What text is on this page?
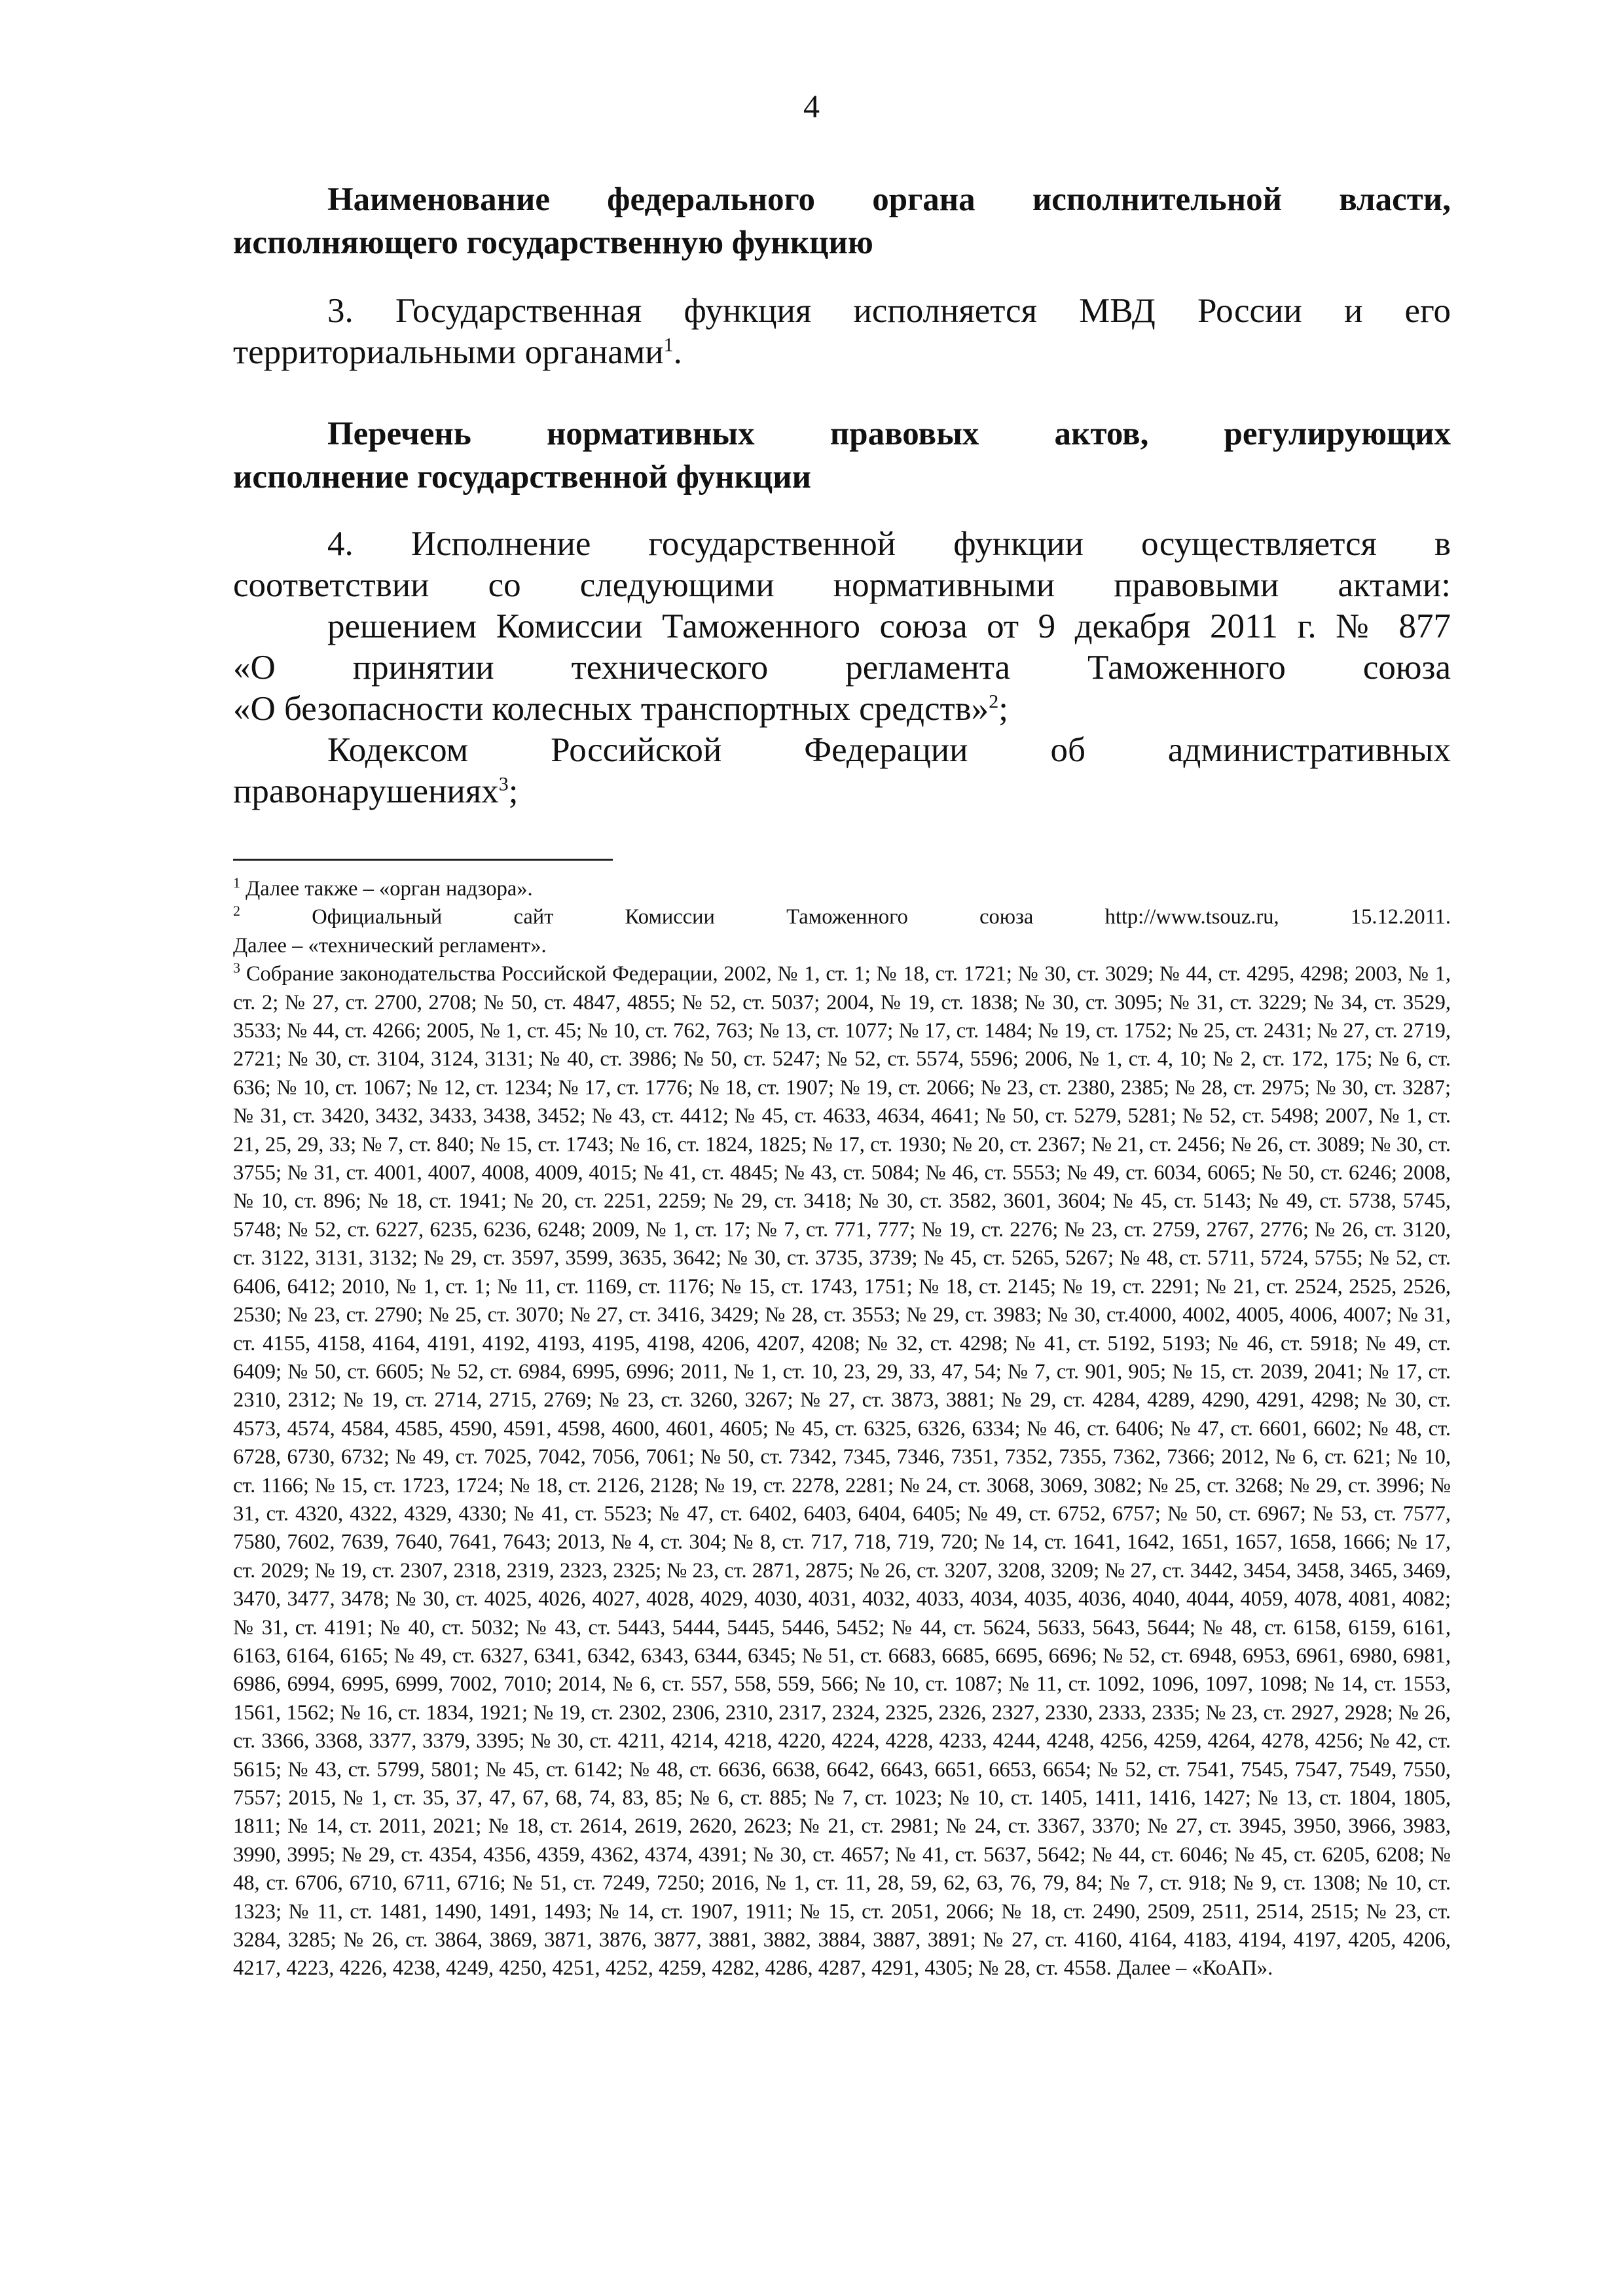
4

Наименование федерального органа исполнительной власти,
исполняющего государственную функцию

3. Государственная функция исполняется МВД России и его
территориальными органами$^1$.

Перечень нормативных правовых актов, регулирующих
исполнение государственной функции

4. Исполнение государственной функции осуществляется в
соответствии со следующими нормативными правовыми актами:
решением Комиссии Таможенного союза от 9 декабря 2011 г. № 877
«О принятии технического регламента Таможенного союза
«О безопасности колесных транспортных средств»$^2$;
Кодексом Российской Федерации об административных
правонарушениях$^3$;

$^1$ Далее также – «орган надзора».

$^2$ Официальный сайт Комиссии Таможенного союза http://www.tsouz.ru, 15.12.2011.
Далее – «технический регламент».

$^3$ Собрание законодательства Российской Федерации, 2002, № 1, ст. 1; № 18, ст. 1721; № 30, ст. 3029; № 44, ст. 4295, 4298; 2003, № 1, ст. 2; № 27, ст. 2700, 2708; № 50, ст. 4847, 4855; № 52, ст. 5037; 2004, № 19, ст. 1838; № 30, ст. 3095; № 31, ст. 3229; № 34, ст. 3529, 3533; № 44, ст. 4266; 2005, № 1, ст. 45; № 10, ст. 762, 763; № 13, ст. 1077; № 17, ст. 1484; № 19, ст. 1752; № 25, ст. 2431; № 27, ст. 2719, 2721; № 30, ст. 3104, 3124, 3131; № 40, ст. 3986; № 50, ст. 5247; № 52, ст. 5574, 5596; 2006, № 1, ст. 4, 10; № 2, ст. 172, 175; № 6, ст. 636; № 10, ст. 1067; № 12, ст. 1234; № 17, ст. 1776; № 18, ст. 1907; № 19, ст. 2066; № 23, ст. 2380, 2385; № 28, ст. 2975; № 30, ст. 3287; № 31, ст. 3420, 3432, 3433, 3438, 3452; № 43, ст. 4412; № 45, ст. 4633, 4634, 4641; № 50, ст. 5279, 5281; № 52, ст. 5498; 2007, № 1, ст. 21, 25, 29, 33; № 7, ст. 840; № 15, ст. 1743; № 16, ст. 1824, 1825; № 17, ст. 1930; № 20, ст. 2367; № 21, ст. 2456; № 26, ст. 3089; № 30, ст. 3755; № 31, ст. 4001, 4007, 4008, 4009, 4015; № 41, ст. 4845; № 43, ст. 5084; № 46, ст. 5553; № 49, ст. 6034, 6065; № 50, ст. 6246; 2008, № 10, ст. 896; № 18, ст. 1941; № 20, ст. 2251, 2259; № 29, ст. 3418; № 30, ст. 3582, 3601, 3604; № 45, ст. 5143; № 49, ст. 5738, 5745, 5748; № 52, ст. 6227, 6235, 6236, 6248; 2009, № 1, ст. 17; № 7, ст. 771, 777; № 19, ст. 2276; № 23, ст. 2759, 2767, 2776; № 26, ст. 3120, ст. 3122, 3131, 3132; № 29, ст. 3597, 3599, 3635, 3642; № 30, ст. 3735, 3739; № 45, ст. 5265, 5267; № 48, ст. 5711, 5724, 5755; № 52, ст. 6406, 6412; 2010, № 1, ст. 1; № 11, ст. 1169, ст. 1176; № 15, ст. 1743, 1751; № 18, ст. 2145; № 19, ст. 2291; № 21, ст. 2524, 2525, 2526, 2530; № 23, ст. 2790; № 25, ст. 3070; № 27, ст. 3416, 3429; № 28, ст. 3553; № 29, ст. 3983; № 30, ст.4000, 4002, 4005, 4006, 4007; № 31, ст. 4155, 4158, 4164, 4191, 4192, 4193, 4195, 4198, 4206, 4207, 4208; № 32, ст. 4298; № 41, ст. 5192, 5193; № 46, ст. 5918; № 49, ст. 6409; № 50, ст. 6605; № 52, ст. 6984, 6995, 6996; 2011, № 1, ст. 10, 23, 29, 33, 47, 54; № 7, ст. 901, 905; № 15, ст. 2039, 2041; № 17, ст. 2310, 2312; № 19, ст. 2714, 2715, 2769; № 23, ст. 3260, 3267; № 27, ст. 3873, 3881; № 29, ст. 4284, 4289, 4290, 4291, 4298; № 30, ст. 4573, 4574, 4584, 4585, 4590, 4591, 4598, 4600, 4601, 4605; № 45, ст. 6325, 6326, 6334; № 46, ст. 6406; № 47, ст. 6601, 6602; № 48, ст. 6728, 6730, 6732; № 49, ст. 7025, 7042, 7056, 7061; № 50, ст. 7342, 7345, 7346, 7351, 7352, 7355, 7362, 7366; 2012, № 6, ст. 621; № 10, ст. 1166; № 15, ст. 1723, 1724; № 18, ст. 2126, 2128; № 19, ст. 2278, 2281; № 24, ст. 3068, 3069, 3082; № 25, ст. 3268; № 29, ст. 3996; № 31, ст. 4320, 4322, 4329, 4330; № 41, ст. 5523; № 47, ст. 6402, 6403, 6404, 6405; № 49, ст. 6752, 6757; № 50, ст. 6967; № 53, ст. 7577, 7580, 7602, 7639, 7640, 7641, 7643; 2013, № 4, ст. 304; № 8, ст. 717, 718, 719, 720; № 14, ст. 1641, 1642, 1651, 1657, 1658, 1666; № 17, ст. 2029; № 19, ст. 2307, 2318, 2319, 2323, 2325; № 23, ст. 2871, 2875; № 26, ст. 3207, 3208, 3209; № 27, ст. 3442, 3454, 3458, 3465, 3469, 3470, 3477, 3478; № 30, ст. 4025, 4026, 4027, 4028, 4029, 4030, 4031, 4032, 4033, 4034, 4035, 4036, 4040, 4044, 4059, 4078, 4081, 4082; № 31, ст. 4191; № 40, ст. 5032; № 43, ст. 5443, 5444, 5445, 5446, 5452; № 44, ст. 5624, 5633, 5643, 5644; № 48, ст. 6158, 6159, 6161, 6163, 6164, 6165; № 49, ст. 6327, 6341, 6342, 6343, 6344, 6345; № 51, ст. 6683, 6685, 6695, 6696; № 52, ст. 6948, 6953, 6961, 6980, 6981, 6986, 6994, 6995, 6999, 7002, 7010; 2014, № 6, ст. 557, 558, 559, 566; № 10, ст. 1087; № 11, ст. 1092, 1096, 1097, 1098; № 14, ст. 1553, 1561, 1562; № 16, ст. 1834, 1921; № 19, ст. 2302, 2306, 2310, 2317, 2324, 2325, 2326, 2327, 2330, 2333, 2335; № 23, ст. 2927, 2928; № 26, ст. 3366, 3368, 3377, 3379, 3395; № 30, ст. 4211, 4214, 4218, 4220, 4224, 4228, 4233, 4244, 4248, 4256, 4259, 4264, 4278, 4256; № 42, ст. 5615; № 43, ст. 5799, 5801; № 45, ст. 6142; № 48, ст. 6636, 6638, 6642, 6643, 6651, 6653, 6654; № 52, ст. 7541, 7545, 7547, 7549, 7550, 7557; 2015, № 1, ст. 35, 37, 47, 67, 68, 74, 83, 85; № 6, ст. 885; № 7, ст. 1023; № 10, ст. 1405, 1411, 1416, 1427; № 13, ст. 1804, 1805, 1811; № 14, ст. 2011, 2021; № 18, ст. 2614, 2619, 2620, 2623; № 21, ст. 2981; № 24, ст. 3367, 3370; № 27, ст. 3945, 3950, 3966, 3983, 3990, 3995; № 29, ст. 4354, 4356, 4359, 4362, 4374, 4391; № 30, ст. 4657; № 41, ст. 5637, 5642; № 44, ст. 6046; № 45, ст. 6205, 6208; № 48, ст. 6706, 6710, 6711, 6716; № 51, ст. 7249, 7250; 2016, № 1, ст. 11, 28, 59, 62, 63, 76, 79, 84; № 7, ст. 918; № 9, ст. 1308; № 10, ст. 1323; № 11, ст. 1481, 1490, 1491, 1493; № 14, ст. 1907, 1911; № 15, ст. 2051, 2066; № 18, ст. 2490, 2509, 2511, 2514, 2515; № 23, ст. 3284, 3285; № 26, ст. 3864, 3869, 3871, 3876, 3877, 3881, 3882, 3884, 3887, 3891; № 27, ст. 4160, 4164, 4183, 4194, 4197, 4205, 4206, 4217, 4223, 4226, 4238, 4249, 4250, 4251, 4252, 4259, 4282, 4286, 4287, 4291, 4305; № 28, ст. 4558. Далее – «КоАП».
